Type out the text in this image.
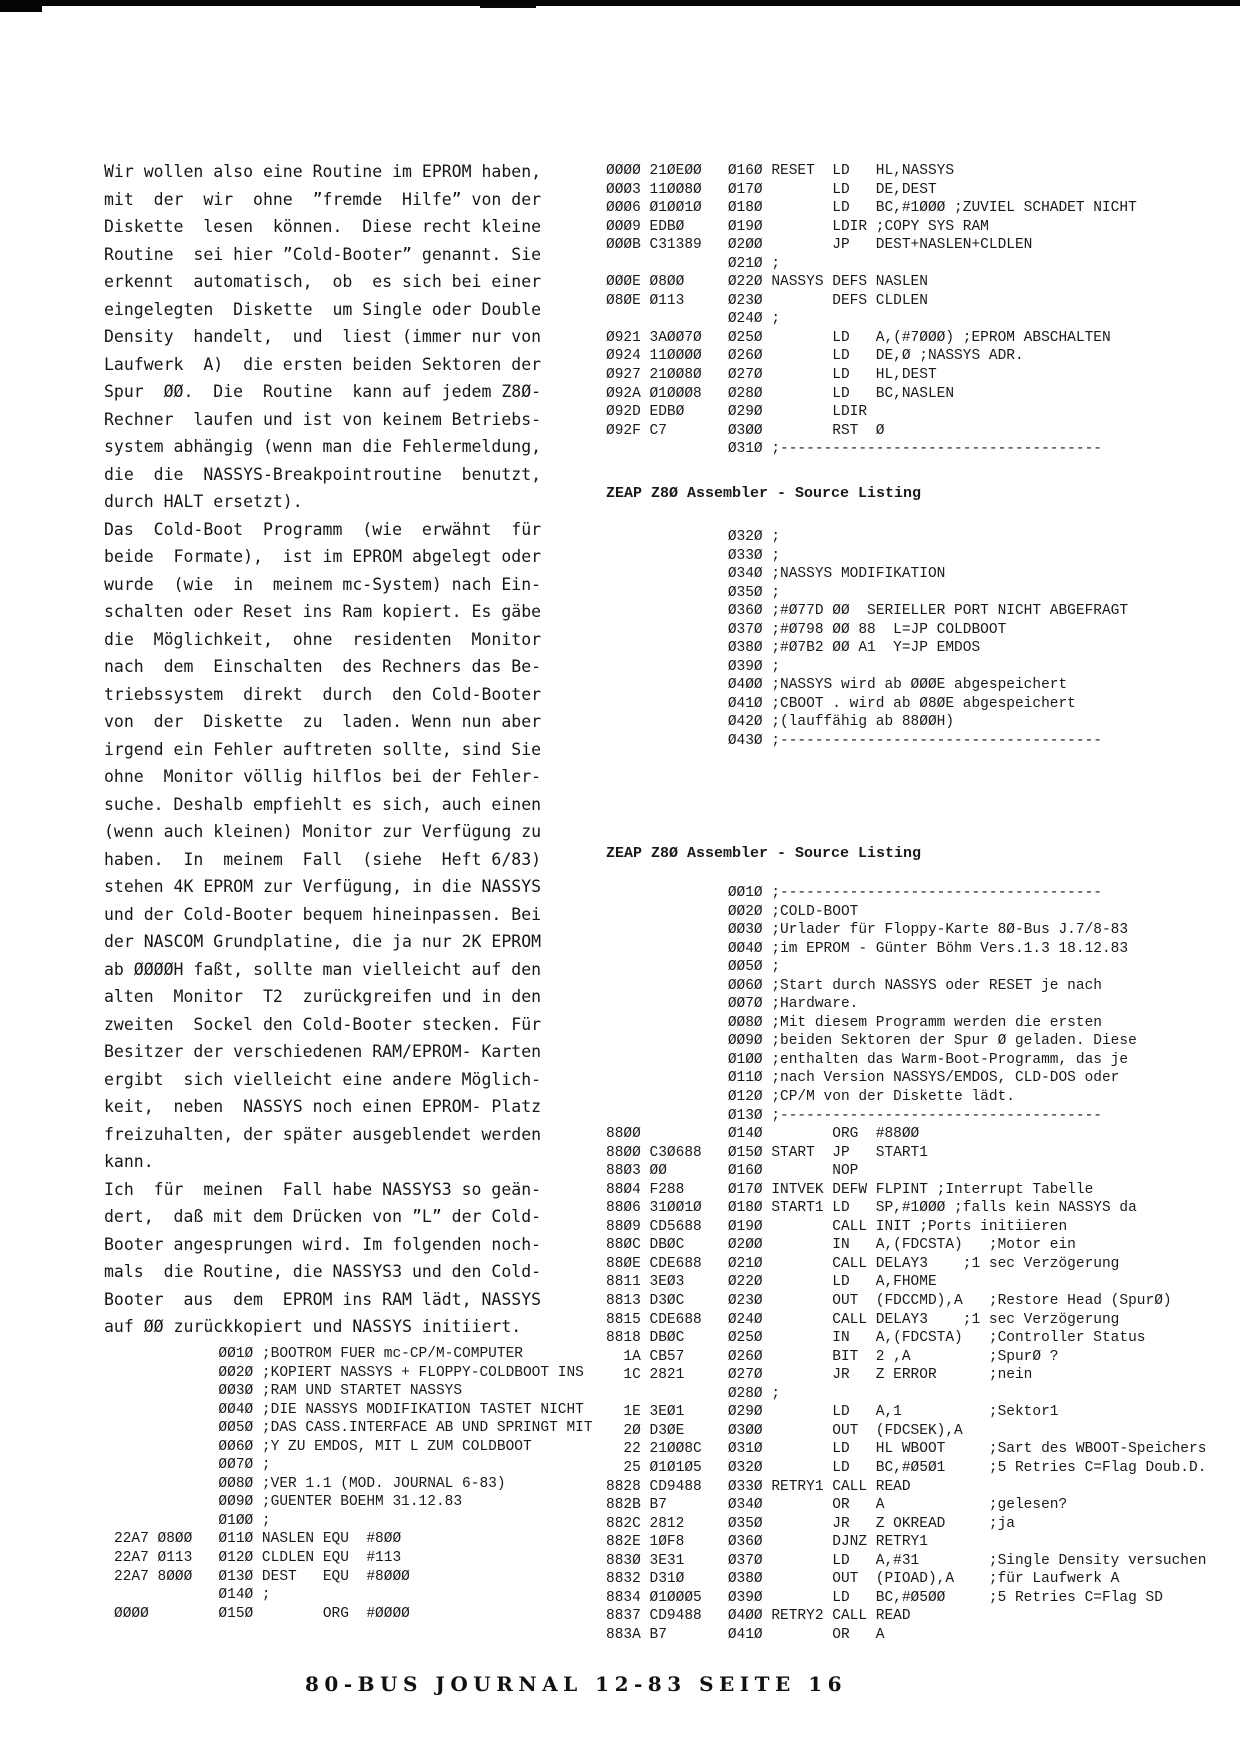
Wir wollen also eine Routine im EPROM haben,
mit  der  wir  ohne  ”fremde  Hilfe” von der
Diskette  lesen  können.  Diese recht kleine
Routine  sei hier ”Cold-Booter” genannt. Sie
erkennt  automatisch,  ob  es sich bei einer
eingelegten  Diskette  um Single oder Double
Density  handelt,  und  liest (immer nur von
Laufwerk  A)  die ersten beiden Sektoren der
Spur  ØØ.  Die  Routine  kann auf jedem Z8Ø-
Rechner  laufen und ist von keinem Betriebs-
system abhängig (wenn man die Fehlermeldung,
die  die  NASSYS-Breakpointroutine  benutzt,
durch HALT ersetzt).
Das  Cold-Boot  Programm  (wie  erwähnt  für
beide  Formate),  ist im EPROM abgelegt oder
wurde  (wie  in  meinem mc-System) nach Ein-
schalten oder Reset ins Ram kopiert. Es gäbe
die  Möglichkeit,  ohne  residenten  Monitor
nach  dem  Einschalten  des Rechners das Be-
triebssystem  direkt  durch  den Cold-Booter
von  der  Diskette  zu  laden. Wenn nun aber
irgend ein Fehler auftreten sollte, sind Sie
ohne  Monitor völlig hilflos bei der Fehler-
suche. Deshalb empfiehlt es sich, auch einen
(wenn auch kleinen) Monitor zur Verfügung zu
haben.  In  meinem  Fall  (siehe  Heft 6/83)
stehen 4K EPROM zur Verfügung, in die NASSYS
und der Cold-Booter bequem hineinpassen. Bei
der NASCOM Grundplatine, die ja nur 2K EPROM
ab ØØØØH faßt, sollte man vielleicht auf den
alten  Monitor  T2  zurückgreifen und in den
zweiten  Sockel den Cold-Booter stecken. Für
Besitzer der verschiedenen RAM/EPROM- Karten
ergibt  sich vielleicht eine andere Möglich-
keit,  neben  NASSYS noch einen EPROM- Platz
freizuhalten, der später ausgeblendet werden
kann.
Ich  für  meinen  Fall habe NASSYS3 so geän-
dert,  daß mit dem Drücken von ”L” der Cold-
Booter angesprungen wird. Im folgenden noch-
mals  die Routine, die NASSYS3 und den Cold-
Booter  aus  dem  EPROM ins RAM lädt, NASSYS
auf ØØ zurückkopiert und NASSYS initiiert.
ØØØØ 21ØEØØ   Ø16Ø RESET  LD   HL,NASSYS
ØØØ3 11ØØ8Ø   Ø17Ø        LD   DE,DEST
ØØØ6 Ø1ØØ1Ø   Ø18Ø        LD   BC,#1ØØØ ;ZUVIEL SCHADET NICHT
ØØØ9 EDBØ     Ø19Ø        LDIR ;COPY SYS RAM
ØØØB C31389   Ø2ØØ        JP   DEST+NASLEN+CLDLEN
Ø21Ø ;
ØØØE Ø8ØØ     Ø22Ø NASSYS DEFS NASLEN
Ø8ØE Ø113     Ø23Ø        DEFS CLDLEN
Ø24Ø ;
Ø921 3AØØ7Ø   Ø25Ø        LD   A,(#7ØØØ) ;EPROM ABSCHALTEN
Ø924 11ØØØØ   Ø26Ø        LD   DE,Ø ;NASSYS ADR.
Ø927 21ØØ8Ø   Ø27Ø        LD   HL,DEST
Ø92A Ø1ØØØ8   Ø28Ø        LD   BC,NASLEN
Ø92D EDBØ     Ø29Ø        LDIR
Ø92F C7       Ø3ØØ        RST  Ø
Ø31Ø ;-------------------------------------
ZEAP Z8Ø Assembler - Source Listing
Ø32Ø ;
Ø33Ø ;
Ø34Ø ;NASSYS MODIFIKATION
Ø35Ø ;
Ø36Ø ;#Ø77D ØØ  SERIELLER PORT NICHT ABGEFRAGT
Ø37Ø ;#Ø798 ØØ 88  L=JP COLDBOOT
Ø38Ø ;#Ø7B2 ØØ A1  Y=JP EMDOS
Ø39Ø ;
Ø4ØØ ;NASSYS wird ab ØØØE abgespeichert
Ø41Ø ;CBOOT . wird ab Ø8ØE abgespeichert
Ø42Ø ;(lauffähig ab 88ØØH)
Ø43Ø ;-------------------------------------
ZEAP Z8Ø Assembler - Source Listing
ØØ1Ø ;-------------------------------------
ØØ2Ø ;COLD-BOOT
ØØ3Ø ;Urlader für Floppy-Karte 8Ø-Bus J.7/8-83
ØØ4Ø ;im EPROM - Günter Böhm Vers.1.3 18.12.83
ØØ5Ø ;
ØØ6Ø ;Start durch NASSYS oder RESET je nach
ØØ7Ø ;Hardware.
ØØ8Ø ;Mit diesem Programm werden die ersten
ØØ9Ø ;beiden Sektoren der Spur Ø geladen. Diese
Ø1ØØ ;enthalten das Warm-Boot-Programm, das je
Ø11Ø ;nach Version NASSYS/EMDOS, CLD-DOS oder
Ø12Ø ;CP/M von der Diskette lädt.
Ø13Ø ;-------------------------------------
88ØØ          Ø14Ø        ORG  #88ØØ
88ØØ C3Ø688   Ø15Ø START  JP   START1
88Ø3 ØØ       Ø16Ø        NOP
88Ø4 F288     Ø17Ø INTVEK DEFW FLPINT ;Interrupt Tabelle
88Ø6 31ØØ1Ø   Ø18Ø START1 LD   SP,#1ØØØ ;falls kein NASSYS da
88Ø9 CD5688   Ø19Ø        CALL INIT ;Ports initiieren
88ØC DBØC     Ø2ØØ        IN   A,(FDCSTA)   ;Motor ein
88ØE CDE688   Ø21Ø        CALL DELAY3    ;1 sec Verzögerung
8811 3EØ3     Ø22Ø        LD   A,FHOME
8813 D3ØC     Ø23Ø        OUT  (FDCCMD),A   ;Restore Head (SpurØ)
8815 CDE688   Ø24Ø        CALL DELAY3    ;1 sec Verzögerung
8818 DBØC     Ø25Ø        IN   A,(FDCSTA)   ;Controller Status
1A CB57     Ø26Ø        BIT  2 ,A         ;SpurØ ?
1C 2821     Ø27Ø        JR   Z ERROR      ;nein
Ø28Ø ;
1E 3EØ1     Ø29Ø        LD   A,1          ;Sektor1
2Ø D3ØE     Ø3ØØ        OUT  (FDCSEK),A
22 21ØØ8C   Ø31Ø        LD   HL WBOOT     ;Sart des WBOOT-Speichers
25 Ø1Ø1Ø5   Ø32Ø        LD   BC,#Ø5Ø1     ;5 Retries C=Flag Doub.D.
8828 CD9488   Ø33Ø RETRY1 CALL READ
882B B7       Ø34Ø        OR   A            ;gelesen?
882C 2812     Ø35Ø        JR   Z OKREAD     ;ja
882E 1ØF8     Ø36Ø        DJNZ RETRY1
883Ø 3E31     Ø37Ø        LD   A,#31        ;Single Density versuchen
8832 D31Ø     Ø38Ø        OUT  (PIOAD),A    ;für Laufwerk A
8834 Ø1ØØØ5   Ø39Ø        LD   BC,#Ø5ØØ     ;5 Retries C=Flag SD
8837 CD9488   Ø4ØØ RETRY2 CALL READ
883A B7       Ø41Ø        OR   A
ØØ1Ø ;BOOTROM FUER mc-CP/M-COMPUTER
ØØ2Ø ;KOPIERT NASSYS + FLOPPY-COLDBOOT INS
ØØ3Ø ;RAM UND STARTET NASSYS
ØØ4Ø ;DIE NASSYS MODIFIKATION TASTET NICHT
ØØ5Ø ;DAS CASS.INTERFACE AB UND SPRINGT MIT
ØØ6Ø ;Y ZU EMDOS, MIT L ZUM COLDBOOT
ØØ7Ø ;
ØØ8Ø ;VER 1.1 (MOD. JOURNAL 6-83)
ØØ9Ø ;GUENTER BOEHM 31.12.83
Ø1ØØ ;
22A7 Ø8ØØ   Ø11Ø NASLEN EQU  #8ØØ
22A7 Ø113   Ø12Ø CLDLEN EQU  #113
22A7 8ØØØ   Ø13Ø DEST   EQU  #8ØØØ
Ø14Ø ;
ØØØØ        Ø15Ø        ORG  #ØØØØ
80-BUS JOURNAL 12-83 SEITE 16
